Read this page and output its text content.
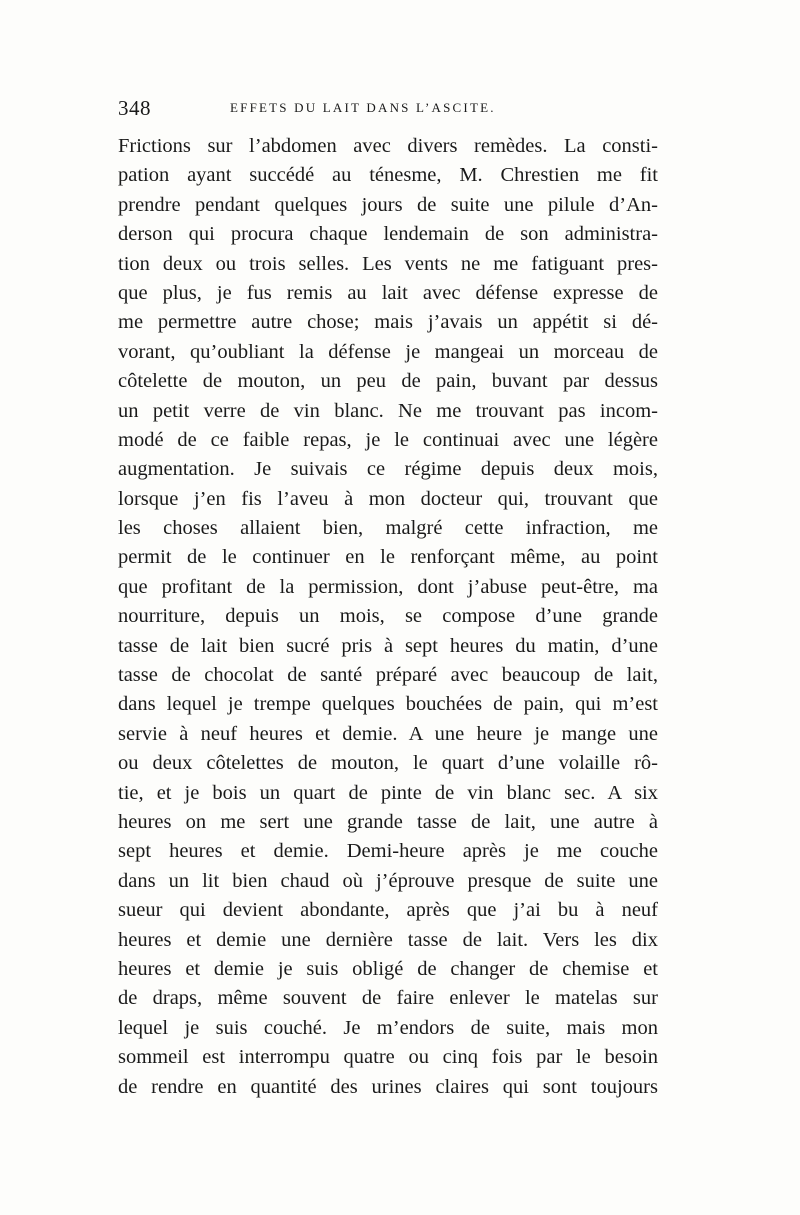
348	EFFETS DU LAIT DANS L’ASCITE.
Frictions sur l’abdomen avec divers remèdes. La consti-
pation ayant succédé au ténesme, M. Chrestien me fit
prendre pendant quelques jours de suite une pilule d’An-
derson qui procura chaque lendemain de son administra-
tion deux ou trois selles. Les vents ne me fatiguant pres-
que plus, je fus remis au lait avec défense expresse de
me permettre autre chose; mais j’avais un appétit si dé-
vorant, qu’oubliant la défense je mangeai un morceau de
côtelette de mouton, un peu de pain, buvant par dessus
un petit verre de vin blanc. Ne me trouvant pas incom-
modé de ce faible repas, je le continuai avec une légère
augmentation. Je suivais ce régime depuis deux mois,
lorsque j’en fis l’aveu à mon docteur qui, trouvant que
les choses allaient bien, malgré cette infraction, me
permit de le continuer en le renforçant même, au point
que profitant de la permission, dont j’abuse peut-être, ma
nourriture, depuis un mois, se compose d’une grande
tasse de lait bien sucré pris à sept heures du matin, d’une
tasse de chocolat de santé préparé avec beaucoup de lait,
dans lequel je trempe quelques bouchées de pain, qui m’est
servie à neuf heures et demie. A une heure je mange une
ou deux côtelettes de mouton, le quart d’une volaille rô-
tie, et je bois un quart de pinte de vin blanc sec. A six
heures on me sert une grande tasse de lait, une autre à
sept heures et demie. Demi-heure après je me couche
dans un lit bien chaud où j’éprouve presque de suite une
sueur qui devient abondante, après que j’ai bu à neuf
heures et demie une dernière tasse de lait. Vers les dix
heures et demie je suis obligé de changer de chemise et
de draps, même souvent de faire enlever le matelas sur
lequel je suis couché. Je m’endors de suite, mais mon
sommeil est interrompu quatre ou cinq fois par le besoin
de rendre en quantité des urines claires qui sont toujours
